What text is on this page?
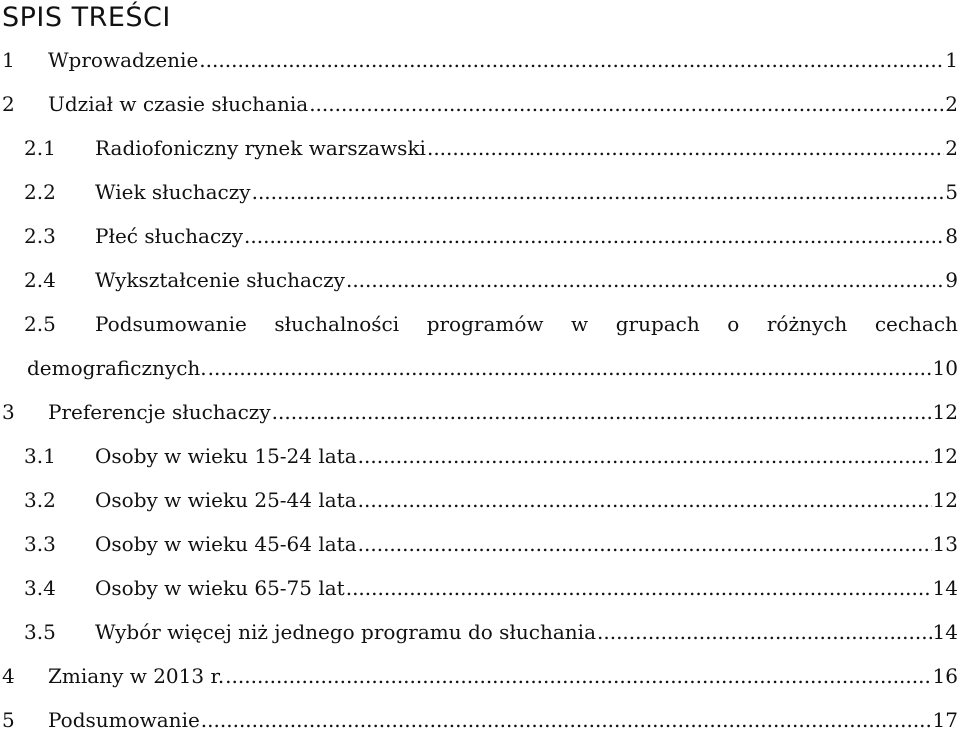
SPIS TREŚCI
1 Wprowadzenie .....	1
2 Udział w czasie słuchania .....	2
2.1 Radiofoniczny rynek warszawski .....	2
2.2 Wiek słuchaczy .....	5
2.3 Płeć słuchaczy .....	8
2.4 Wykształcenie słuchaczy .....	9
2.5 Podsumowanie słuchalności programów w grupach o różnych cechach
demograficznych. .....	10
3 Preferencje słuchaczy .....	12
3.1 Osoby w wieku 15-24 lata .....	12
3.2 Osoby w wieku 25-44 lata .....	12
3.3 Osoby w wieku 45-64 lata .....	13
3.4 Osoby w wieku 65-75 lat .....	14
3.5 Wybór więcej niż jednego programu do słuchania .....	14
4 Zmiany w 2013 r. .....	16
5 Podsumowanie .....	17
